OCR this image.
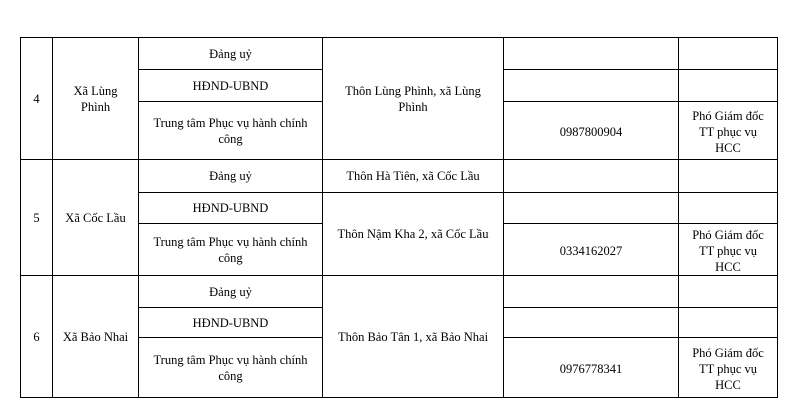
4	Xã Lùng Phình	Đảng uỷ	Thôn Lùng Phình, xã Lùng Phình		
		HĐND-UBND			
		Trung tâm Phục vụ hành chính công		0987800904	Phó Giám đốc TT phục vụ HCC
5	Xã Cốc Lầu	Đảng uỷ	Thôn Hà Tiên, xã Cốc Lầu		
		HĐND-UBND	Thôn Nậm Kha 2, xã Cốc Lầu		
		Trung tâm Phục vụ hành chính công		0334162027	Phó Giám đốc TT phục vụ HCC
6	Xã Bảo Nhai	Đảng uỷ	Thôn Bảo Tân 1, xã Bảo Nhai		
		HĐND-UBND			
		Trung tâm Phục vụ hành chính công		0976778341	Phó Giám đốc TT phục vụ HCC
